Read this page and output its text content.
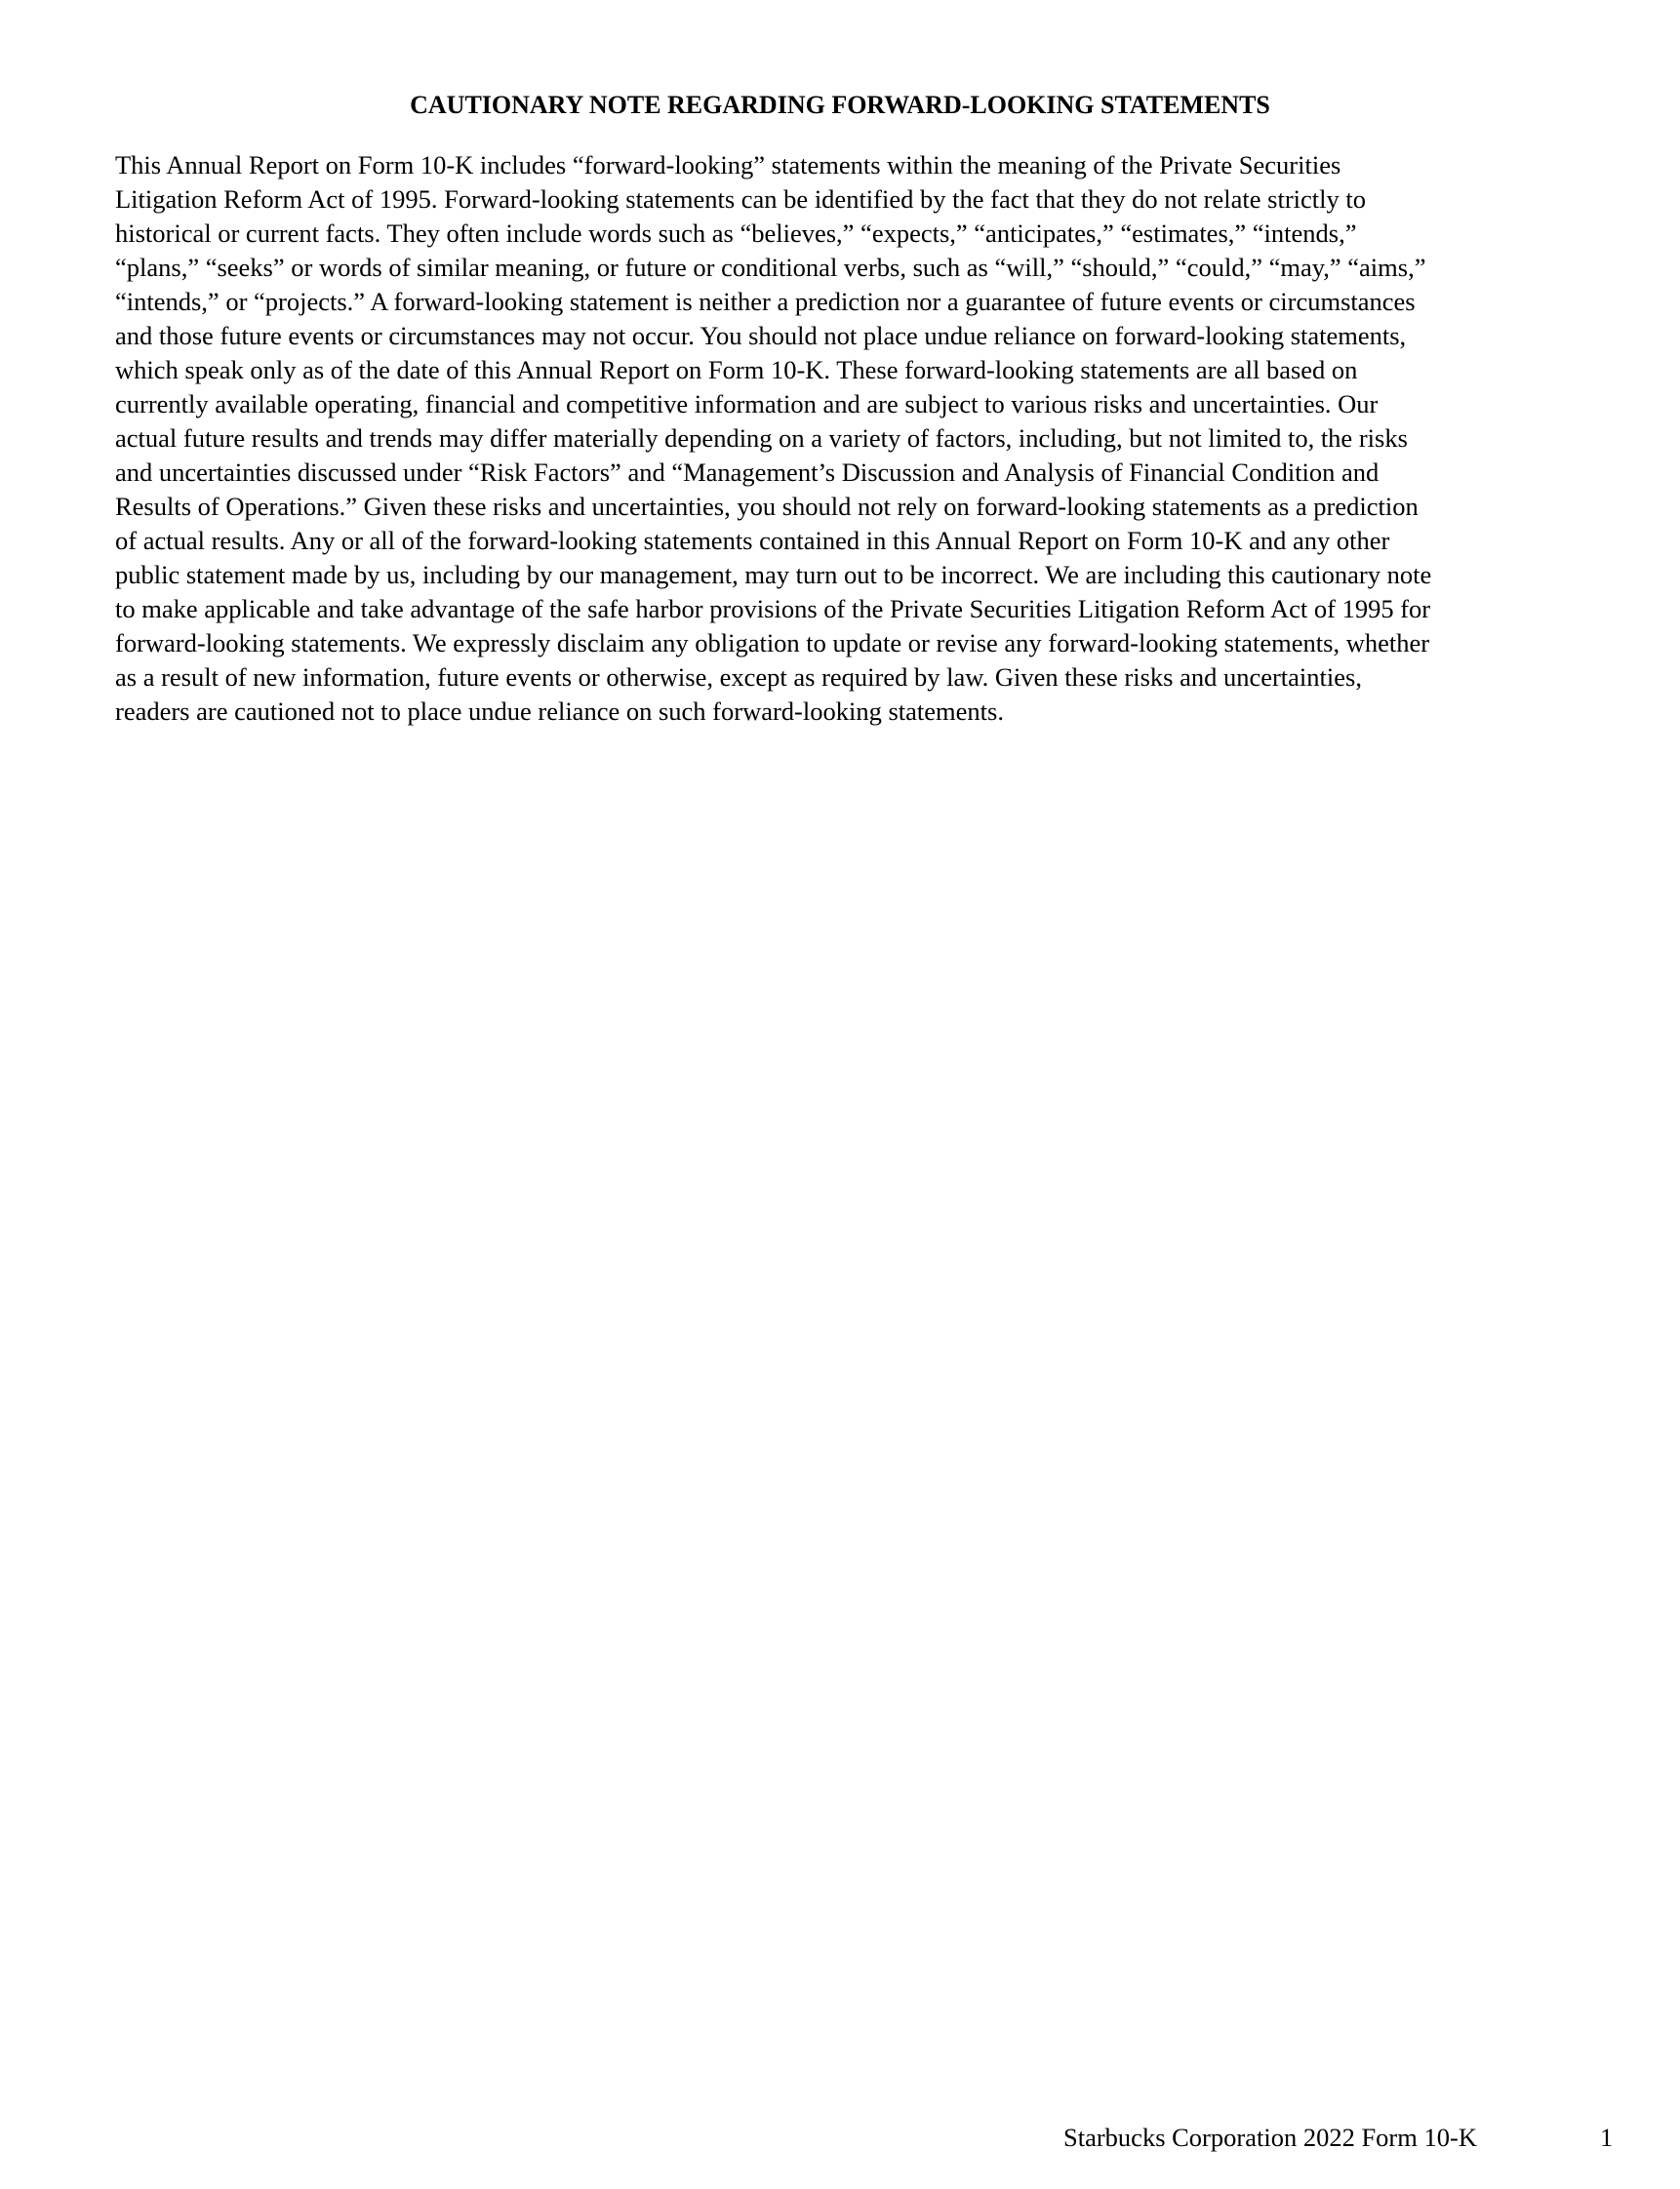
CAUTIONARY NOTE REGARDING FORWARD-LOOKING STATEMENTS
This Annual Report on Form 10-K includes “forward-looking” statements within the meaning of the Private Securities
Litigation Reform Act of 1995. Forward-looking statements can be identified by the fact that they do not relate strictly to
historical or current facts. They often include words such as “believes,” “expects,” “anticipates,” “estimates,” “intends,”
“plans,” “seeks” or words of similar meaning, or future or conditional verbs, such as “will,” “should,” “could,” “may,” “aims,”
“intends,” or “projects.” A forward-looking statement is neither a prediction nor a guarantee of future events or circumstances
and those future events or circumstances may not occur. You should not place undue reliance on forward-looking statements,
which speak only as of the date of this Annual Report on Form 10-K. These forward-looking statements are all based on
currently available operating, financial and competitive information and are subject to various risks and uncertainties. Our
actual future results and trends may differ materially depending on a variety of factors, including, but not limited to, the risks
and uncertainties discussed under “Risk Factors” and “Management’s Discussion and Analysis of Financial Condition and
Results of Operations.” Given these risks and uncertainties, you should not rely on forward-looking statements as a prediction
of actual results. Any or all of the forward-looking statements contained in this Annual Report on Form 10-K and any other
public statement made by us, including by our management, may turn out to be incorrect. We are including this cautionary note
to make applicable and take advantage of the safe harbor provisions of the Private Securities Litigation Reform Act of 1995 for
forward-looking statements. We expressly disclaim any obligation to update or revise any forward-looking statements, whether
as a result of new information, future events or otherwise, except as required by law. Given these risks and uncertainties,
readers are cautioned not to place undue reliance on such forward-looking statements.
Starbucks Corporation 2022 Form 10-K	1
